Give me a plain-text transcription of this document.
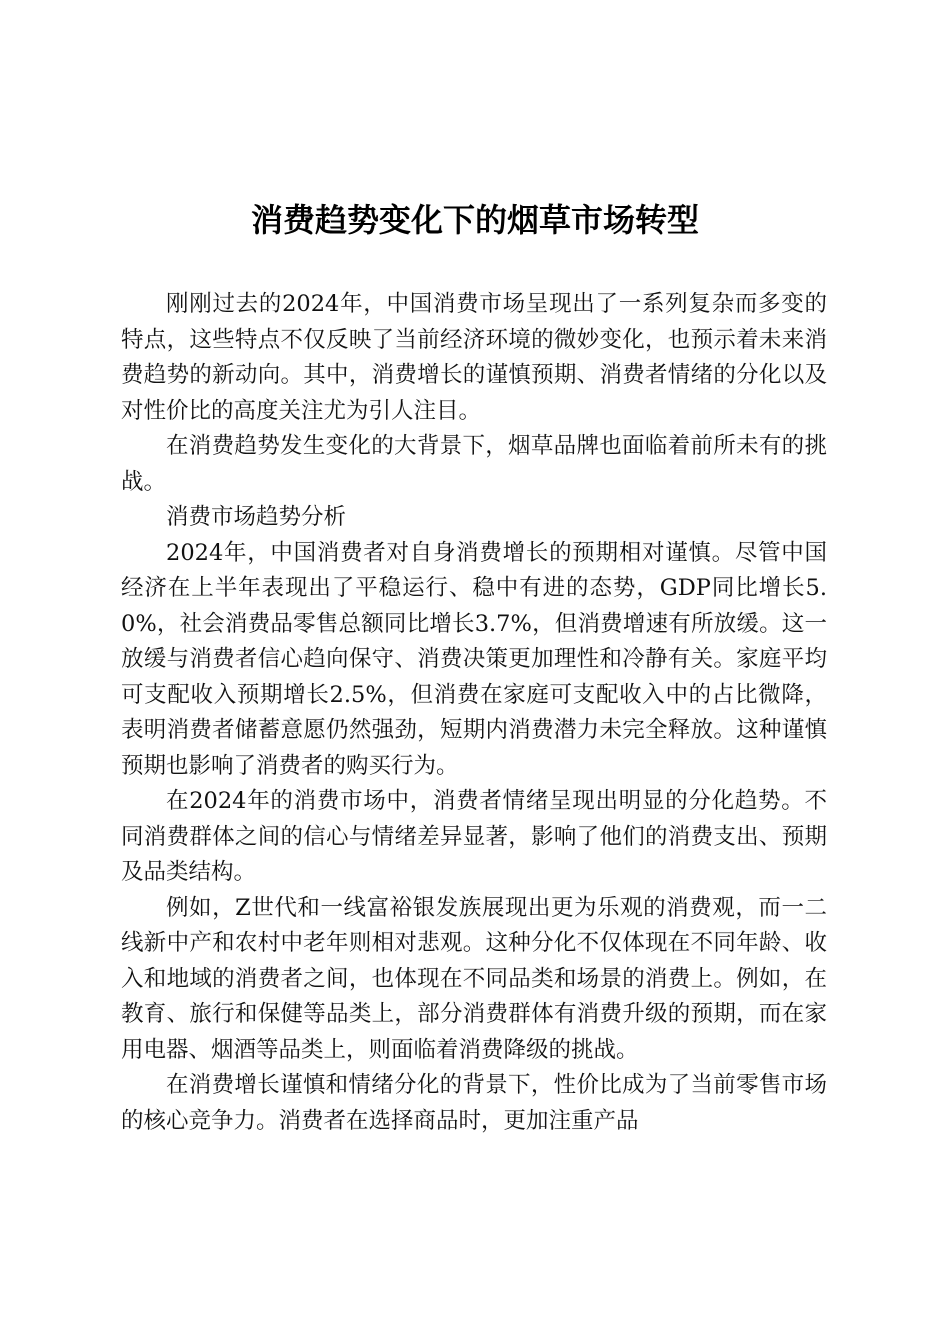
消费趋势变化下的烟草市场转型

刚刚过去的2024年，中国消费市场呈现出了一系列复杂而多变的特点，这些特点不仅反映了当前经济环境的微妙变化，也预示着未来消费趋势的新动向。其中，消费增长的谨慎预期、消费者情绪的分化以及对性价比的高度关注尤为引人注目。

在消费趋势发生变化的大背景下，烟草品牌也面临着前所未有的挑战。

消费市场趋势分析

2024年，中国消费者对自身消费增长的预期相对谨慎。尽管中国经济在上半年表现出了平稳运行、稳中有进的态势，GDP同比增长5.0%，社会消费品零售总额同比增长3.7%，但消费增速有所放缓。这一放缓与消费者信心趋向保守、消费决策更加理性和冷静有关。家庭平均可支配收入预期增长2.5%，但消费在家庭可支配收入中的占比微降，表明消费者储蓄意愿仍然强劲，短期内消费潜力未完全释放。这种谨慎预期也影响了消费者的购买行为。

在2024年的消费市场中，消费者情绪呈现出明显的分化趋势。不同消费群体之间的信心与情绪差异显著，影响了他们的消费支出、预期及品类结构。

例如，Z世代和一线富裕银发族展现出更为乐观的消费观，而一二线新中产和农村中老年则相对悲观。这种分化不仅体现在不同年龄、收入和地域的消费者之间，也体现在不同品类和场景的消费上。例如，在教育、旅行和保健等品类上，部分消费群体有消费升级的预期，而在家用电器、烟酒等品类上，则面临着消费降级的挑战。

在消费增长谨慎和情绪分化的背景下，性价比成为了当前零售市场的核心竞争力。消费者在选择商品时，更加注重产品
